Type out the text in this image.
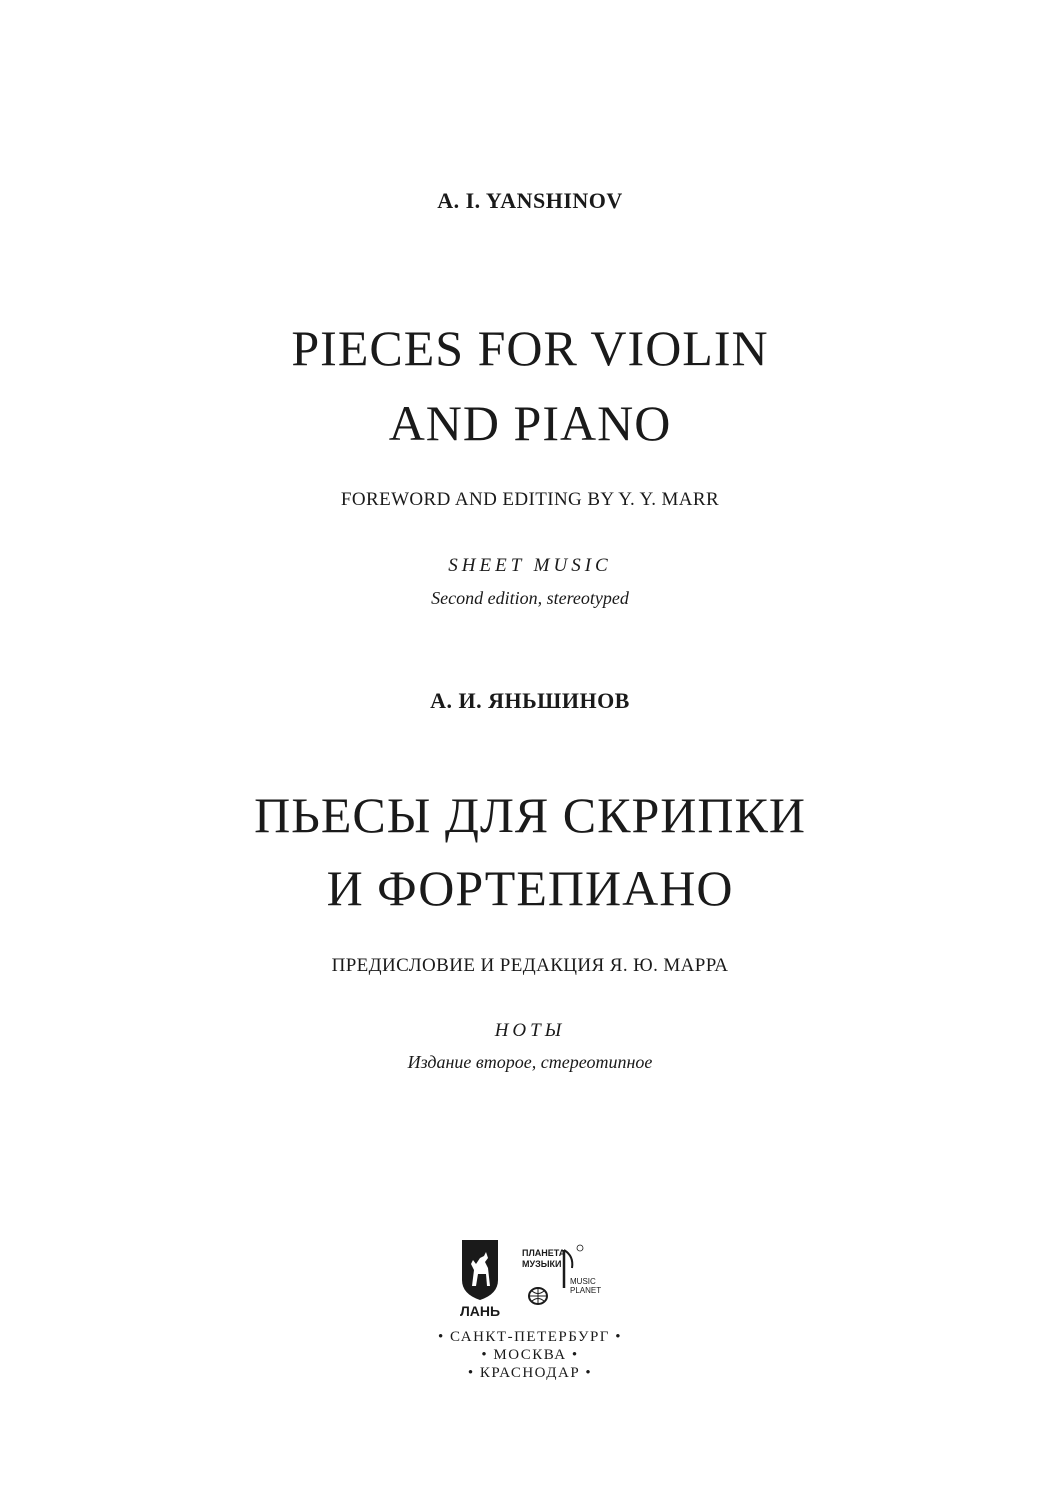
A. I. YANSHINOV
PIECES FOR VIOLIN
AND PIANO
FOREWORD AND EDITING BY Y. Y. MARR
SHEET MUSIC
Second edition, stereotyped
А. И. ЯНЬШИНОВ
ПЬЕСЫ ДЛЯ СКРИПКИ
И ФОРТЕПИАНО
ПРЕДИСЛОВИЕ И РЕДАКЦИЯ Я. Ю. МАРРА
НОТЫ
Издание второе, стереотипное
ЛАНЬ
ПЛАНЕТА
МУЗЫКИ
MUSIC
PLANET
• САНКТ-ПЕТЕРБУРГ •
• МОСКВА •
• КРАСНОДАР •
